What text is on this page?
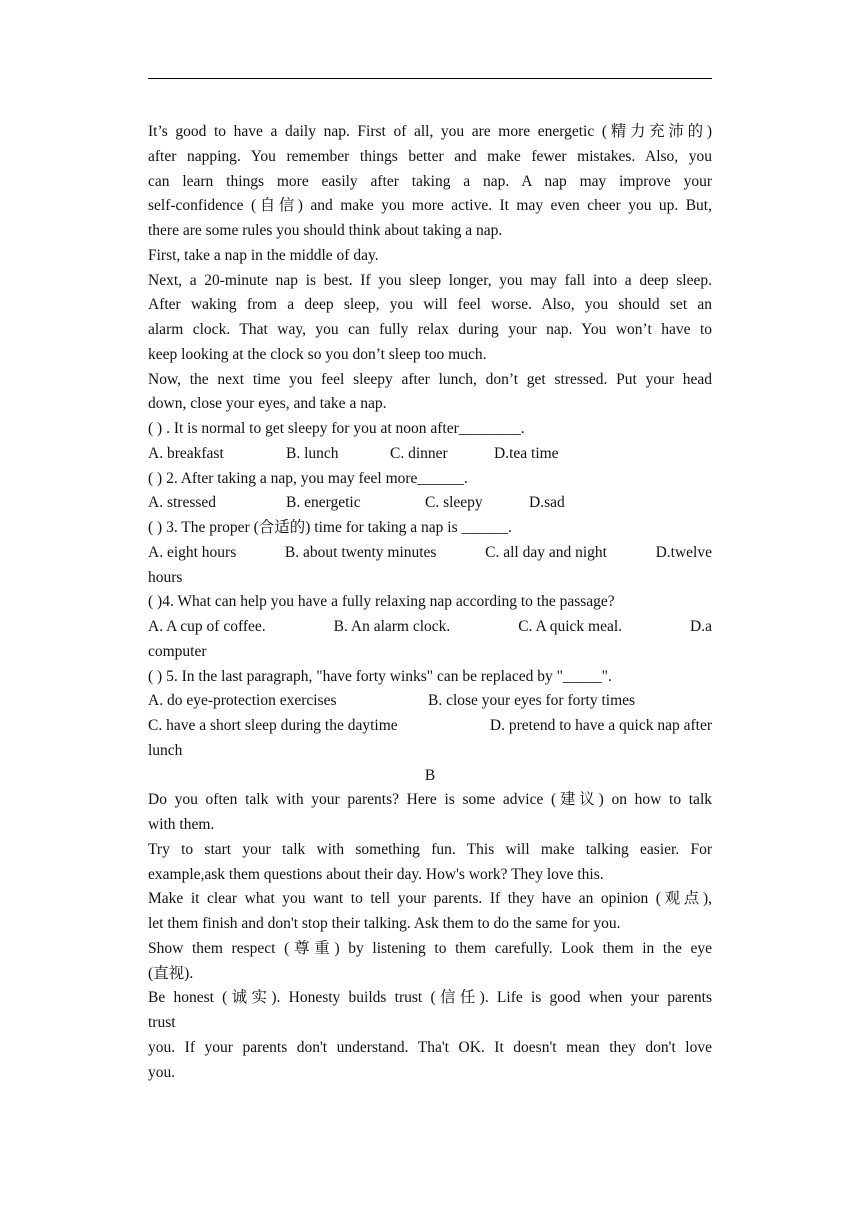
It’s good to have a daily nap. First of all, you are more energetic (精力充沛的)
after napping. You remember things better and make fewer mistakes. Also, you
can learn things more easily after taking a nap. A nap may improve your
self-confidence (自信) and make you more active. It may even cheer you up. But,
there are some rules you should think about taking a nap.
First, take a nap in the middle of day.
Next, a 20-minute nap is best. If you sleep longer, you may fall into a deep sleep.
After waking from a deep sleep, you will feel worse. Also, you should set an
alarm clock. That way, you can fully relax during your nap. You won’t have to
keep looking at the clock so you don’t sleep too much.
Now, the next time you feel sleepy after lunch, don’t get stressed. Put your head
down, close your eyes, and take a nap.
( ) . It is normal to get sleepy for you at noon after________.
A. breakfast	B. lunch	C. dinner	D.tea time
( ) 2. After taking a nap, you may feel more______.
A. stressed	B. energetic	C. sleepy	D.sad
( ) 3. The proper (合适的) time for taking a nap is ______.
A. eight hours	B. about twenty minutes	C. all day and night	D.twelve
hours
( )4. What can help you have a fully relaxing nap according to the passage?
A. A cup of coffee.	B. An alarm clock.	C. A quick meal.	D.a
computer
( ) 5. In the last paragraph, "have forty winks" can be replaced by "_____".
A. do eye-protection exercises	B. close your eyes for forty times
C. have a short sleep during the daytime	D. pretend to have a quick nap after
lunch
B
Do you often talk with your parents? Here is some advice (建议) on how to talk
with them.
Try to start your talk with something fun. This will make talking easier. For
example,ask them questions about their day. How's work? They love this.
Make it clear what you want to tell your parents. If they have an opinion (观点),
let them finish and don't stop their talking. Ask them to do the same for you.
Show them respect (尊重) by listening to them carefully. Look them in the eye
(直视).
Be honest (诚实). Honesty builds trust (信任). Life is good when your parents
trust
you. If your parents don't understand. Tha't OK. It doesn't mean they don't love
you.
